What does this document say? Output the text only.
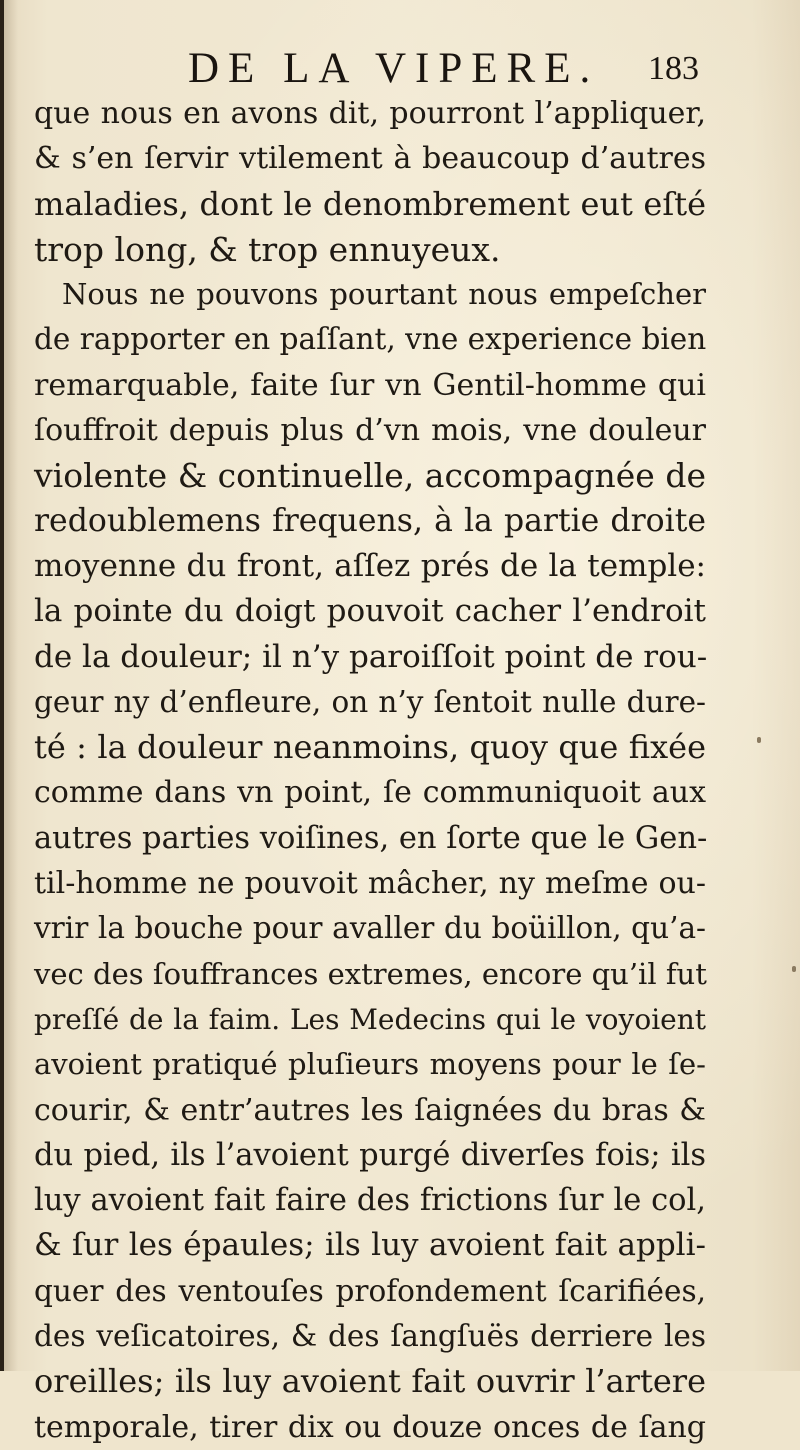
DE LA VIPERE. 183
que nous en avons dit, pourront l’appliquer,
& s’en ſervir vtilement à beaucoup d’autres
maladies, dont le denombrement eut eſté
trop long, & trop ennuyeux.
Nous ne pouvons pourtant nous empeſcher
de rapporter en paſſant, vne experience bien
remarquable, faite ſur vn Gentil-homme qui
ſouffroit depuis plus d’vn mois, vne douleur
violente & continuelle, accompagnée de
redoublemens frequens, à la partie droite
moyenne du front, aſſez prés de la temple:
la pointe du doigt pouvoit cacher l’endroit
de la douleur; il n’y paroiſſoit point de rou-
geur ny d’enfleure, on n’y ſentoit nulle dure-
té : la douleur neanmoins, quoy que fixée
comme dans vn point, ſe communiquoit aux
autres parties voiſines, en ſorte que le Gen-
til-homme ne pouvoit mâcher, ny meſme ou-
vrir la bouche pour avaller du boüillon, qu’a-
vec des ſouffrances extremes, encore qu’il fut
preſſé de la faim. Les Medecins qui le voyoient
avoient pratiqué pluſieurs moyens pour le ſe-
courir, & entr’autres les ſaignées du bras &
du pied, ils l’avoient purgé diverſes fois; ils
luy avoient fait faire des frictions ſur le col,
& ſur les épaules; ils luy avoient fait appli-
quer des ventouſes profondement ſcarifiées,
des veſicatoires, & des ſangſuës derriere les
oreilles; ils luy avoient fait ouvrir l’artere
temporale, tirer dix ou douze onces de ſang
